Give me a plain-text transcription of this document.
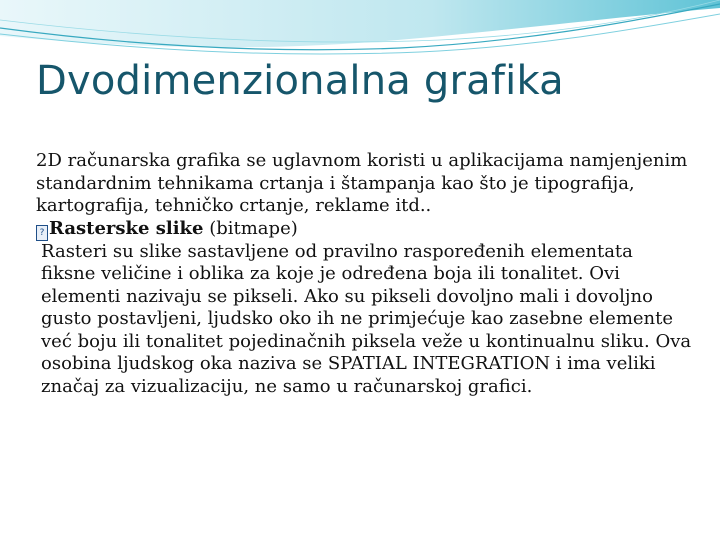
Dvodimenzionalna grafika

2D računarska grafika se uglavnom koristi u aplikacijama namjenjenim standardnim tehnikama crtanja i štampanja kao što je tipografija, kartografija, tehničko crtanje, reklame itd..

? Rasterske slike (bitmape)

Rasteri su slike sastavljene od pravilno raspoređenih elementata fiksne veličine i oblika za koje je određena boja ili tonalitet. Ovi elementi nazivaju se pikseli. Ako su pikseli dovoljno mali i dovoljno gusto postavljeni, ljudsko oko ih ne primjećuje kao zasebne elemente već boju ili tonalitet pojedinačnih piksela veže u kontinualnu sliku. Ova osobina ljudskog oka naziva se SPATIAL INTEGRATION i ima veliki značaj za vizualizaciju, ne samo u računarskoj grafici.
